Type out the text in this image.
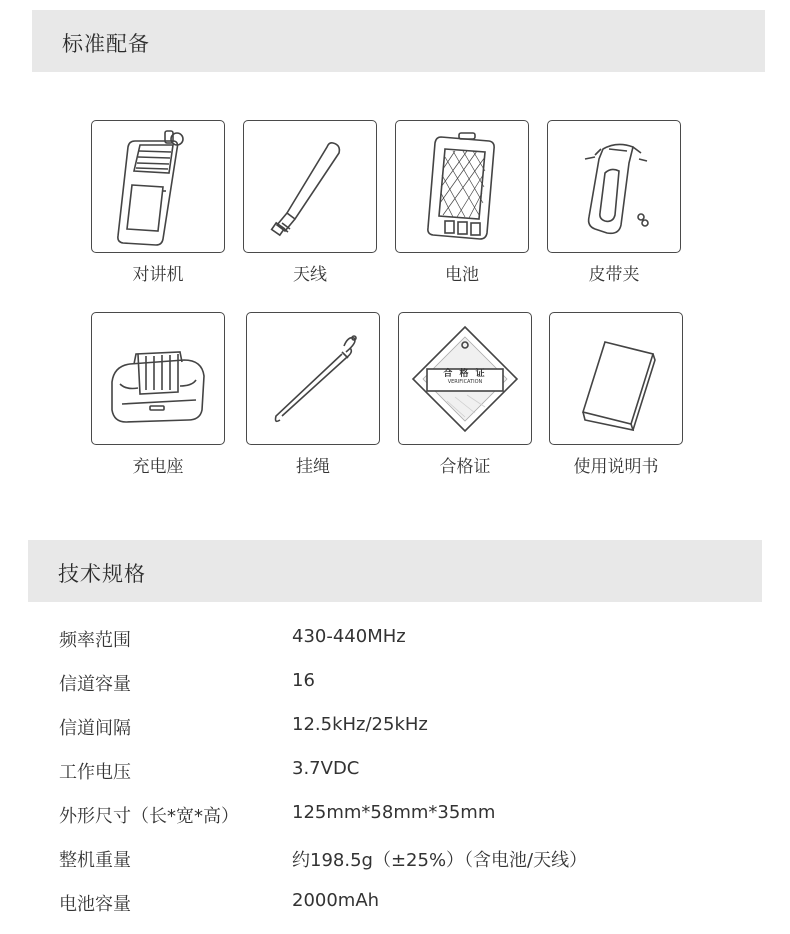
标准配备
对讲机	天线	电池	皮带夹
充电座	挂绳
合 格 证
VERIFICATION
合格证	使用说明书
技术规格
频率范围	430-440MHz
信道容量	16
信道间隔	12.5kHz/25kHz
工作电压	3.7VDC
外形尺寸（长*宽*高）	125mm*58mm*35mm
整机重量	约198.5g（±25%）（含电池/天线）
电池容量	2000mAh
